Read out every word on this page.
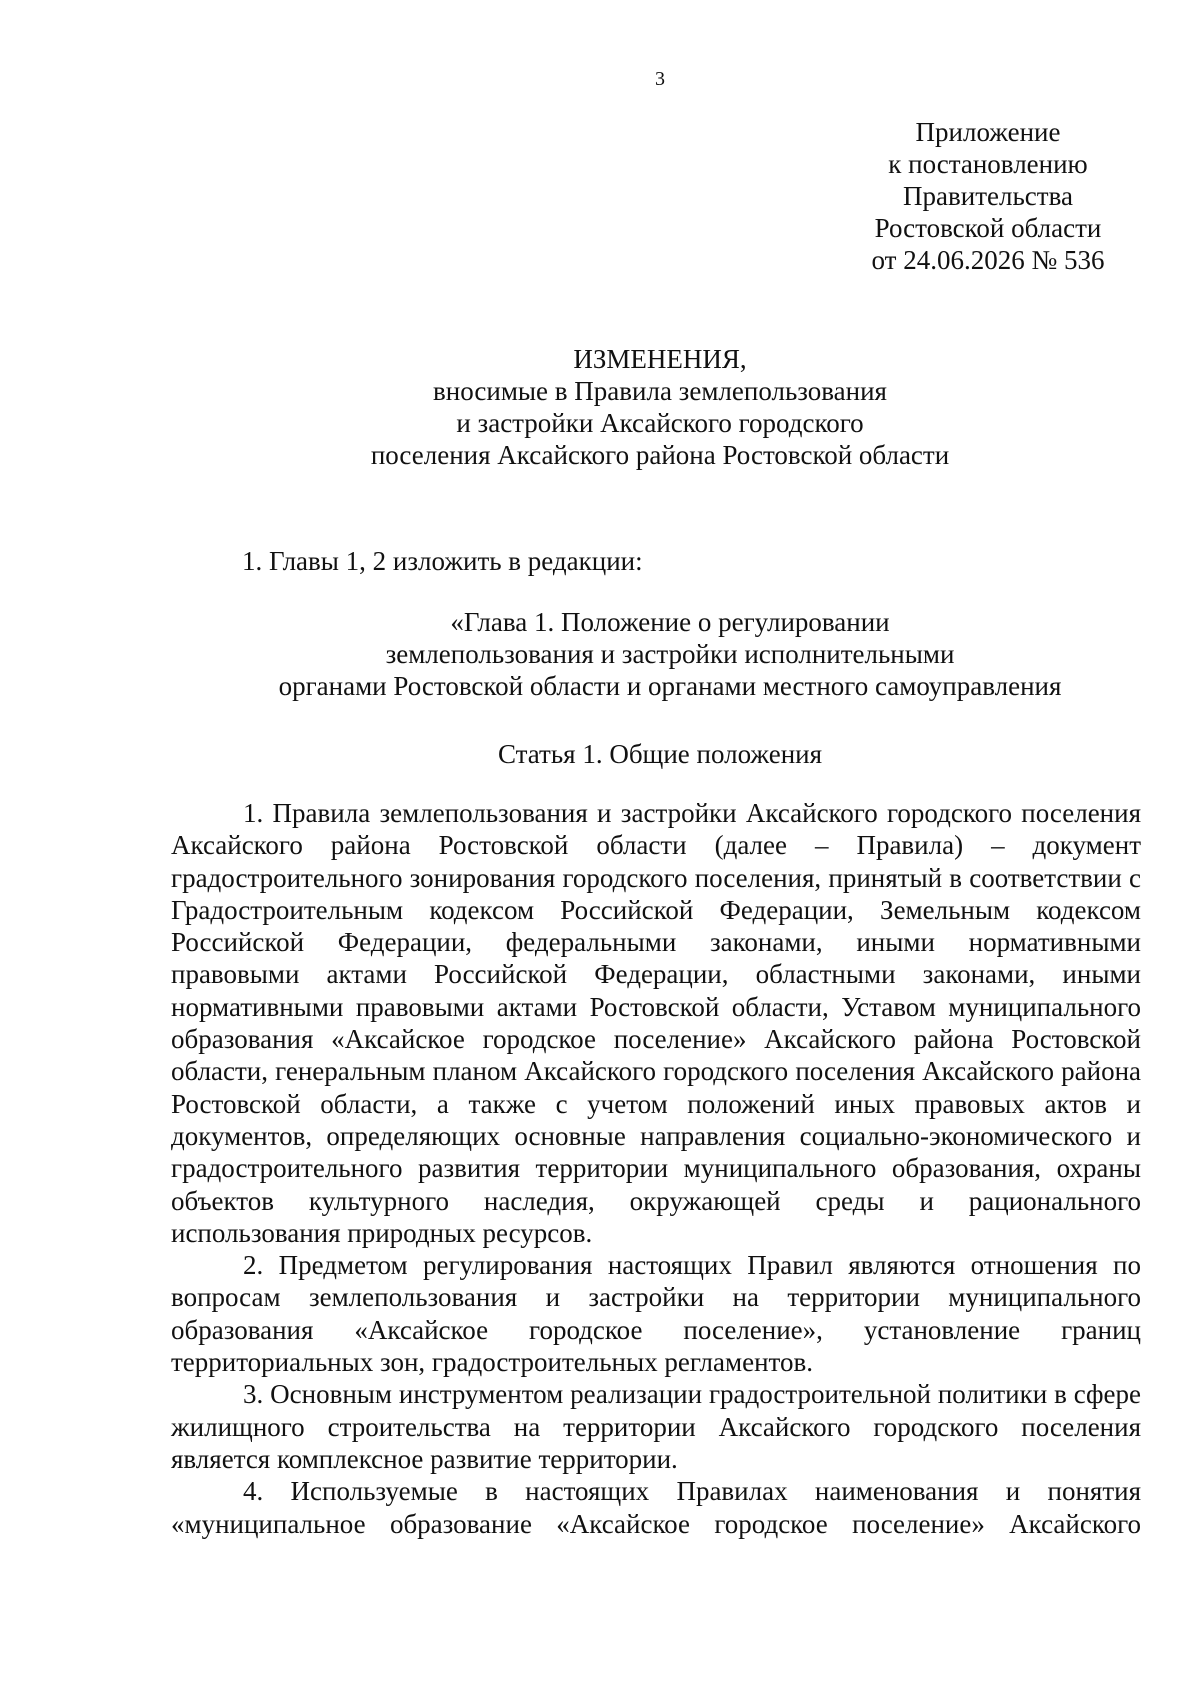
3
Приложение
к постановлению
Правительства
Ростовской области
от 24.06.2026 № 536
ИЗМЕНЕНИЯ,
вносимые в Правила землепользования
и застройки Аксайского городского
поселения Аксайского района Ростовской области
1. Главы 1, 2 изложить в редакции:
«Глава 1. Положение о регулировании
землепользования и застройки исполнительными
органами Ростовской области и органами местного самоуправления
Статья 1. Общие положения

1. Правила землепользования и застройки Аксайского городского поселения Аксайского района Ростовской области (далее – Правила) – документ градостроительного зонирования городского поселения, принятый в соответствии с Градостроительным кодексом Российской Федерации, Земельным кодексом Российской Федерации, федеральными законами, иными нормативными правовыми актами Российской Федерации, областными законами, иными нормативными правовыми актами Ростовской области, Уставом муниципального образования «Аксайское городское поселение» Аксайского района Ростовской области, генеральным планом Аксайского городского поселения Аксайского района Ростовской области, а также с учетом положений иных правовых актов и документов, определяющих основные направления социально-экономического и градостроительного развития территории муниципального образования, охраны объектов культурного наследия, окружающей среды и рационального использования природных ресурсов.

2. Предметом регулирования настоящих Правил являются отношения по вопросам землепользования и застройки на территории муниципального образования «Аксайское городское поселение», установление границ территориальных зон, градостроительных регламентов.

3. Основным инструментом реализации градостроительной политики в сфере жилищного строительства на территории Аксайского городского поселения является комплексное развитие территории.

4. Используемые в настоящих Правилах наименования и понятия «муниципальное образование «Аксайское городское поселение» Аксайского
